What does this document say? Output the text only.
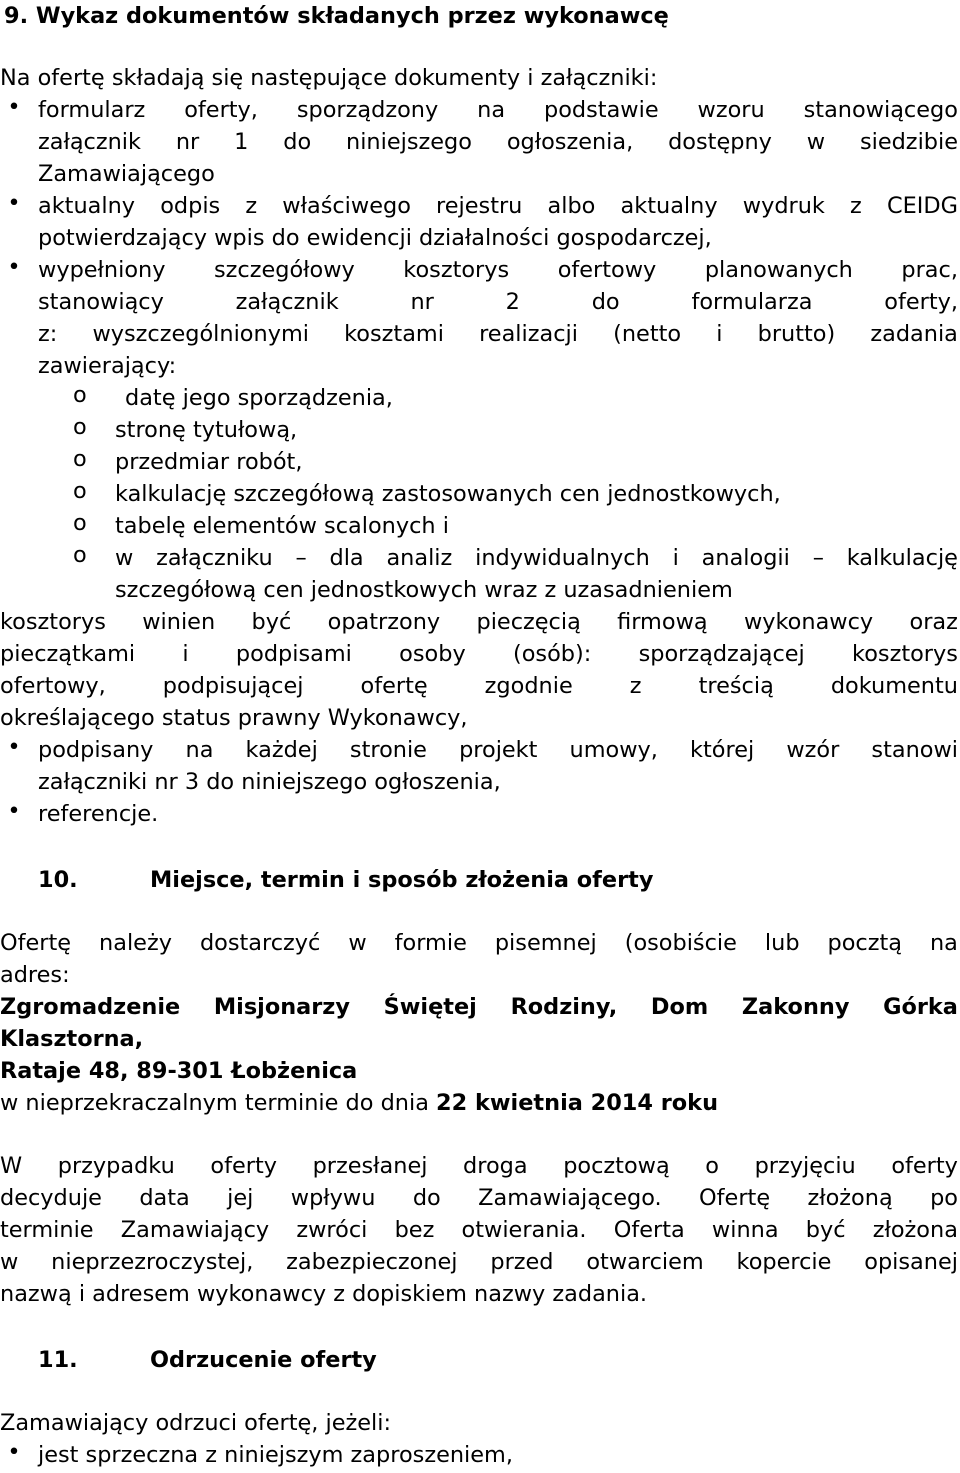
9. Wykaz dokumentów składanych przez wykonawcę
Na ofertę składają się następujące dokumenty i załączniki:
• formularz oferty, sporządzony na podstawie wzoru stanowiącego
załącznik nr 1 do niniejszego ogłoszenia, dostępny w siedzibie
Zamawiającego
• aktualny odpis z właściwego rejestru albo aktualny wydruk z CEIDG
potwierdzający wpis do ewidencji działalności gospodarczej,
• wypełniony szczegółowy kosztorys ofertowy planowanych prac,
stanowiący	załącznik	nr	2	do	formularza	oferty,
z: wyszczególnionymi kosztami realizacji (netto i brutto) zadania
zawierający:
o datę jego sporządzenia,
o stronę tytułową,
o przedmiar robót,
o kalkulację szczegółową zastosowanych cen jednostkowych,
o tabelę elementów scalonych i
o w załączniku – dla analiz indywidualnych i analogii – kalkulację
szczegółową cen jednostkowych wraz z uzasadnieniem
kosztorys winien być opatrzony pieczęcią firmową wykonawcy oraz
pieczątkami i podpisami osoby (osób): sporządzającej kosztorys
ofertowy,	podpisującej	ofertę	zgodnie	z	treścią	dokumentu
określającego status prawny Wykonawcy,
• podpisany na każdej stronie projekt umowy, której wzór stanowi
załączniki nr 3 do niniejszego ogłoszenia,
• referencje.
10.	Miejsce, termin i sposób złożenia oferty
Ofertę należy dostarczyć w formie pisemnej (osobiście lub pocztą na
adres:
Zgromadzenie Misjonarzy Świętej Rodziny, Dom Zakonny Górka
Klasztorna,
Rataje 48, 89-301 Łobżenica
w nieprzekraczalnym terminie do dnia 22 kwietnia 2014 roku
W przypadku oferty przesłanej droga pocztową o przyjęciu oferty
decyduje data jej wpływu do Zamawiającego. Ofertę złożoną po
terminie Zamawiający zwróci bez otwierania. Oferta winna być złożona
w nieprzezroczystej, zabezpieczonej przed otwarciem kopercie opisanej
nazwą i adresem wykonawcy z dopiskiem nazwy zadania.
11.	Odrzucenie oferty
Zamawiający odrzuci ofertę, jeżeli:
• jest sprzeczna z niniejszym zaproszeniem,
